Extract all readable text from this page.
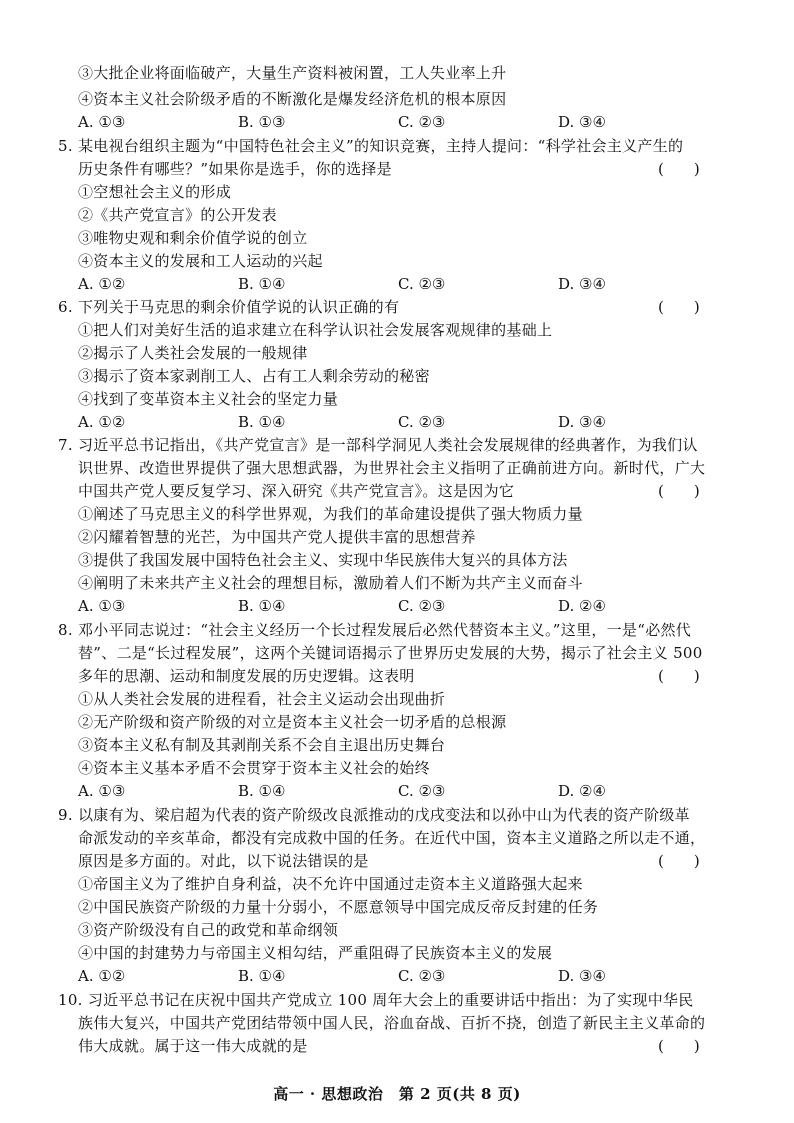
③大批企业将面临破产，大量生产资料被闲置，工人失业率上升
④资本主义社会阶级矛盾的不断激化是爆发经济危机的根本原因
A. ①③	B. ①③	C. ②③	D. ③④
5. 某电视台组织主题为“中国特色社会主义”的知识竞赛，主持人提问：“科学社会主义产生的
历史条件有哪些？”如果你是选手，你的选择是	(　　)
①空想社会主义的形成
②《共产党宣言》的公开发表
③唯物史观和剩余价值学说的创立
④资本主义的发展和工人运动的兴起
A. ①②	B. ①④	C. ②③	D. ③④
6. 下列关于马克思的剩余价值学说的认识正确的有	(　　)
①把人们对美好生活的追求建立在科学认识社会发展客观规律的基础上
②揭示了人类社会发展的一般规律
③揭示了资本家剥削工人、占有工人剩余劳动的秘密
④找到了变革资本主义社会的坚定力量
A. ①②	B. ①④	C. ②③	D. ③④
7. 习近平总书记指出，《共产党宣言》是一部科学洞见人类社会发展规律的经典著作，为我们认
识世界、改造世界提供了强大思想武器，为世界社会主义指明了正确前进方向。新时代，广大
中国共产党人要反复学习、深入研究《共产党宣言》。这是因为它	(　　)
①阐述了马克思主义的科学世界观，为我们的革命建设提供了强大物质力量
②闪耀着智慧的光芒，为中国共产党人提供丰富的思想营养
③提供了我国发展中国特色社会主义、实现中华民族伟大复兴的具体方法
④阐明了未来共产主义社会的理想目标，激励着人们不断为共产主义而奋斗
A. ①③	B. ①④	C. ②③	D. ②④
8. 邓小平同志说过：“社会主义经历一个长过程发展后必然代替资本主义。”这里，一是“必然代
替”、二是“长过程发展”，这两个关键词语揭示了世界历史发展的大势，揭示了社会主义 500
多年的思潮、运动和制度发展的历史逻辑。这表明	(　　)
①从人类社会发展的进程看，社会主义运动会出现曲折
②无产阶级和资产阶级的对立是资本主义社会一切矛盾的总根源
③资本主义私有制及其剥削关系不会自主退出历史舞台
④资本主义基本矛盾不会贯穿于资本主义社会的始终
A. ①③	B. ①④	C. ②③	D. ②④
9. 以康有为、梁启超为代表的资产阶级改良派推动的戊戌变法和以孙中山为代表的资产阶级革
命派发动的辛亥革命，都没有完成救中国的任务。在近代中国，资本主义道路之所以走不通，
原因是多方面的。对此，以下说法错误的是	(　　)
①帝国主义为了维护自身利益，决不允许中国通过走资本主义道路强大起来
②中国民族资产阶级的力量十分弱小，不愿意领导中国完成反帝反封建的任务
③资产阶级没有自己的政党和革命纲领
④中国的封建势力与帝国主义相勾结，严重阻碍了民族资本主义的发展
A. ①②	B. ①④	C. ②③	D. ③④
10. 习近平总书记在庆祝中国共产党成立 100 周年大会上的重要讲话中指出：为了实现中华民
族伟大复兴，中国共产党团结带领中国人民，浴血奋战、百折不挠，创造了新民主主义革命的
伟大成就。属于这一伟大成就的是	(　　)
高一 · 思想政治　第 2 页(共 8 页)
